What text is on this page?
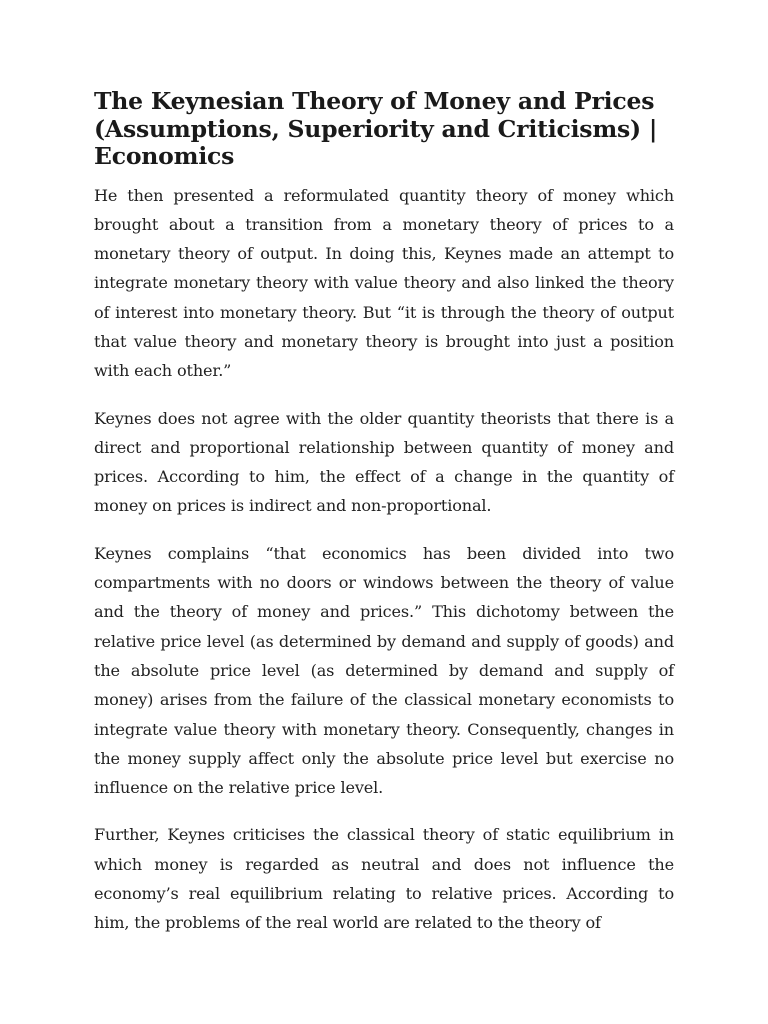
The Keynesian Theory of Money and Prices (Assumptions, Superiority and Criticisms) | Economics

He then presented a reformulated quantity theory of money which brought about a transition from a monetary theory of prices to a monetary theory of output. In doing this, Keynes made an attempt to integrate monetary theory with value theory and also linked the theory of interest into monetary theory. But “it is through the theory of output that value theory and monetary theory is brought into just a position with each other.”

Keynes does not agree with the older quantity theorists that there is a direct and proportional relationship between quantity of money and prices. According to him, the effect of a change in the quantity of money on prices is indirect and non-proportional.

Keynes complains “that economics has been divided into two compartments with no doors or windows between the theory of value and the theory of money and prices.” This dichotomy between the relative price level (as determined by demand and supply of goods) and the absolute price level (as determined by demand and supply of money) arises from the failure of the classical monetary economists to integrate value theory with monetary theory. Consequently, changes in the money supply affect only the absolute price level but exercise no influence on the relative price level.

Further, Keynes criticises the classical theory of static equilibrium in which money is regarded as neutral and does not influence the economy’s real equilibrium relating to relative prices. According to him, the problems of the real world are related to the theory of
